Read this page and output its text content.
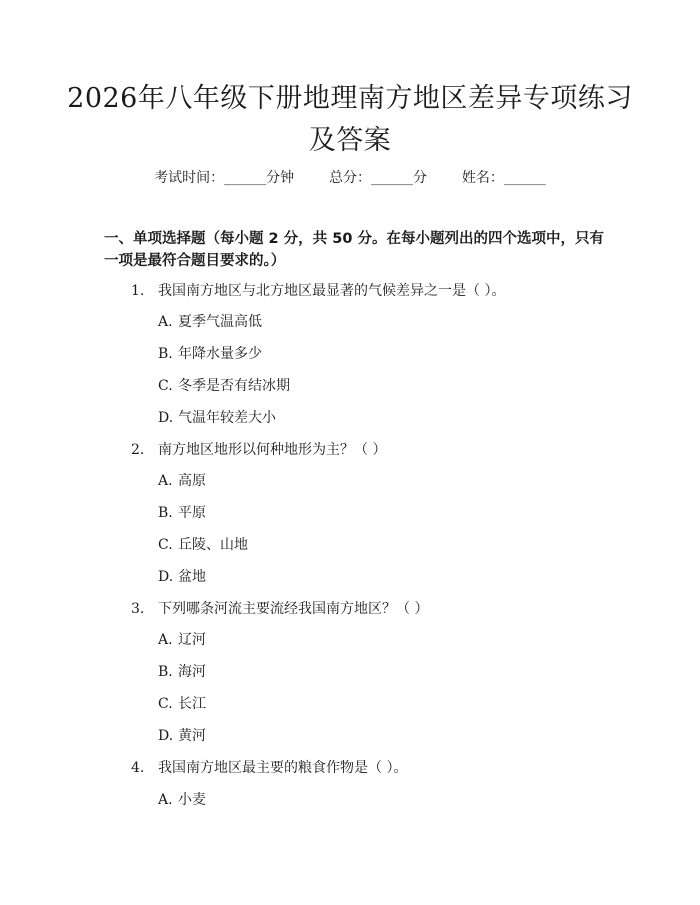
2026年八年级下册地理南方地区差异专项练习及答案
考试时间：______分钟 总分：______分 姓名：______
一、单项选择题（每小题 2 分，共 50 分。在每小题列出的四个选项中，只有一项是最符合题目要求的。）
1. 我国南方地区与北方地区最显著的气候差异之一是（ ）。
A. 夏季气温高低
B. 年降水量多少
C. 冬季是否有结冰期
D. 气温年较差大小
2. 南方地区地形以何种地形为主？（ ）
A. 高原
B. 平原
C. 丘陵、山地
D. 盆地
3. 下列哪条河流主要流经我国南方地区？（ ）
A. 辽河
B. 海河
C. 长江
D. 黄河
4. 我国南方地区最主要的粮食作物是（ ）。
A. 小麦
